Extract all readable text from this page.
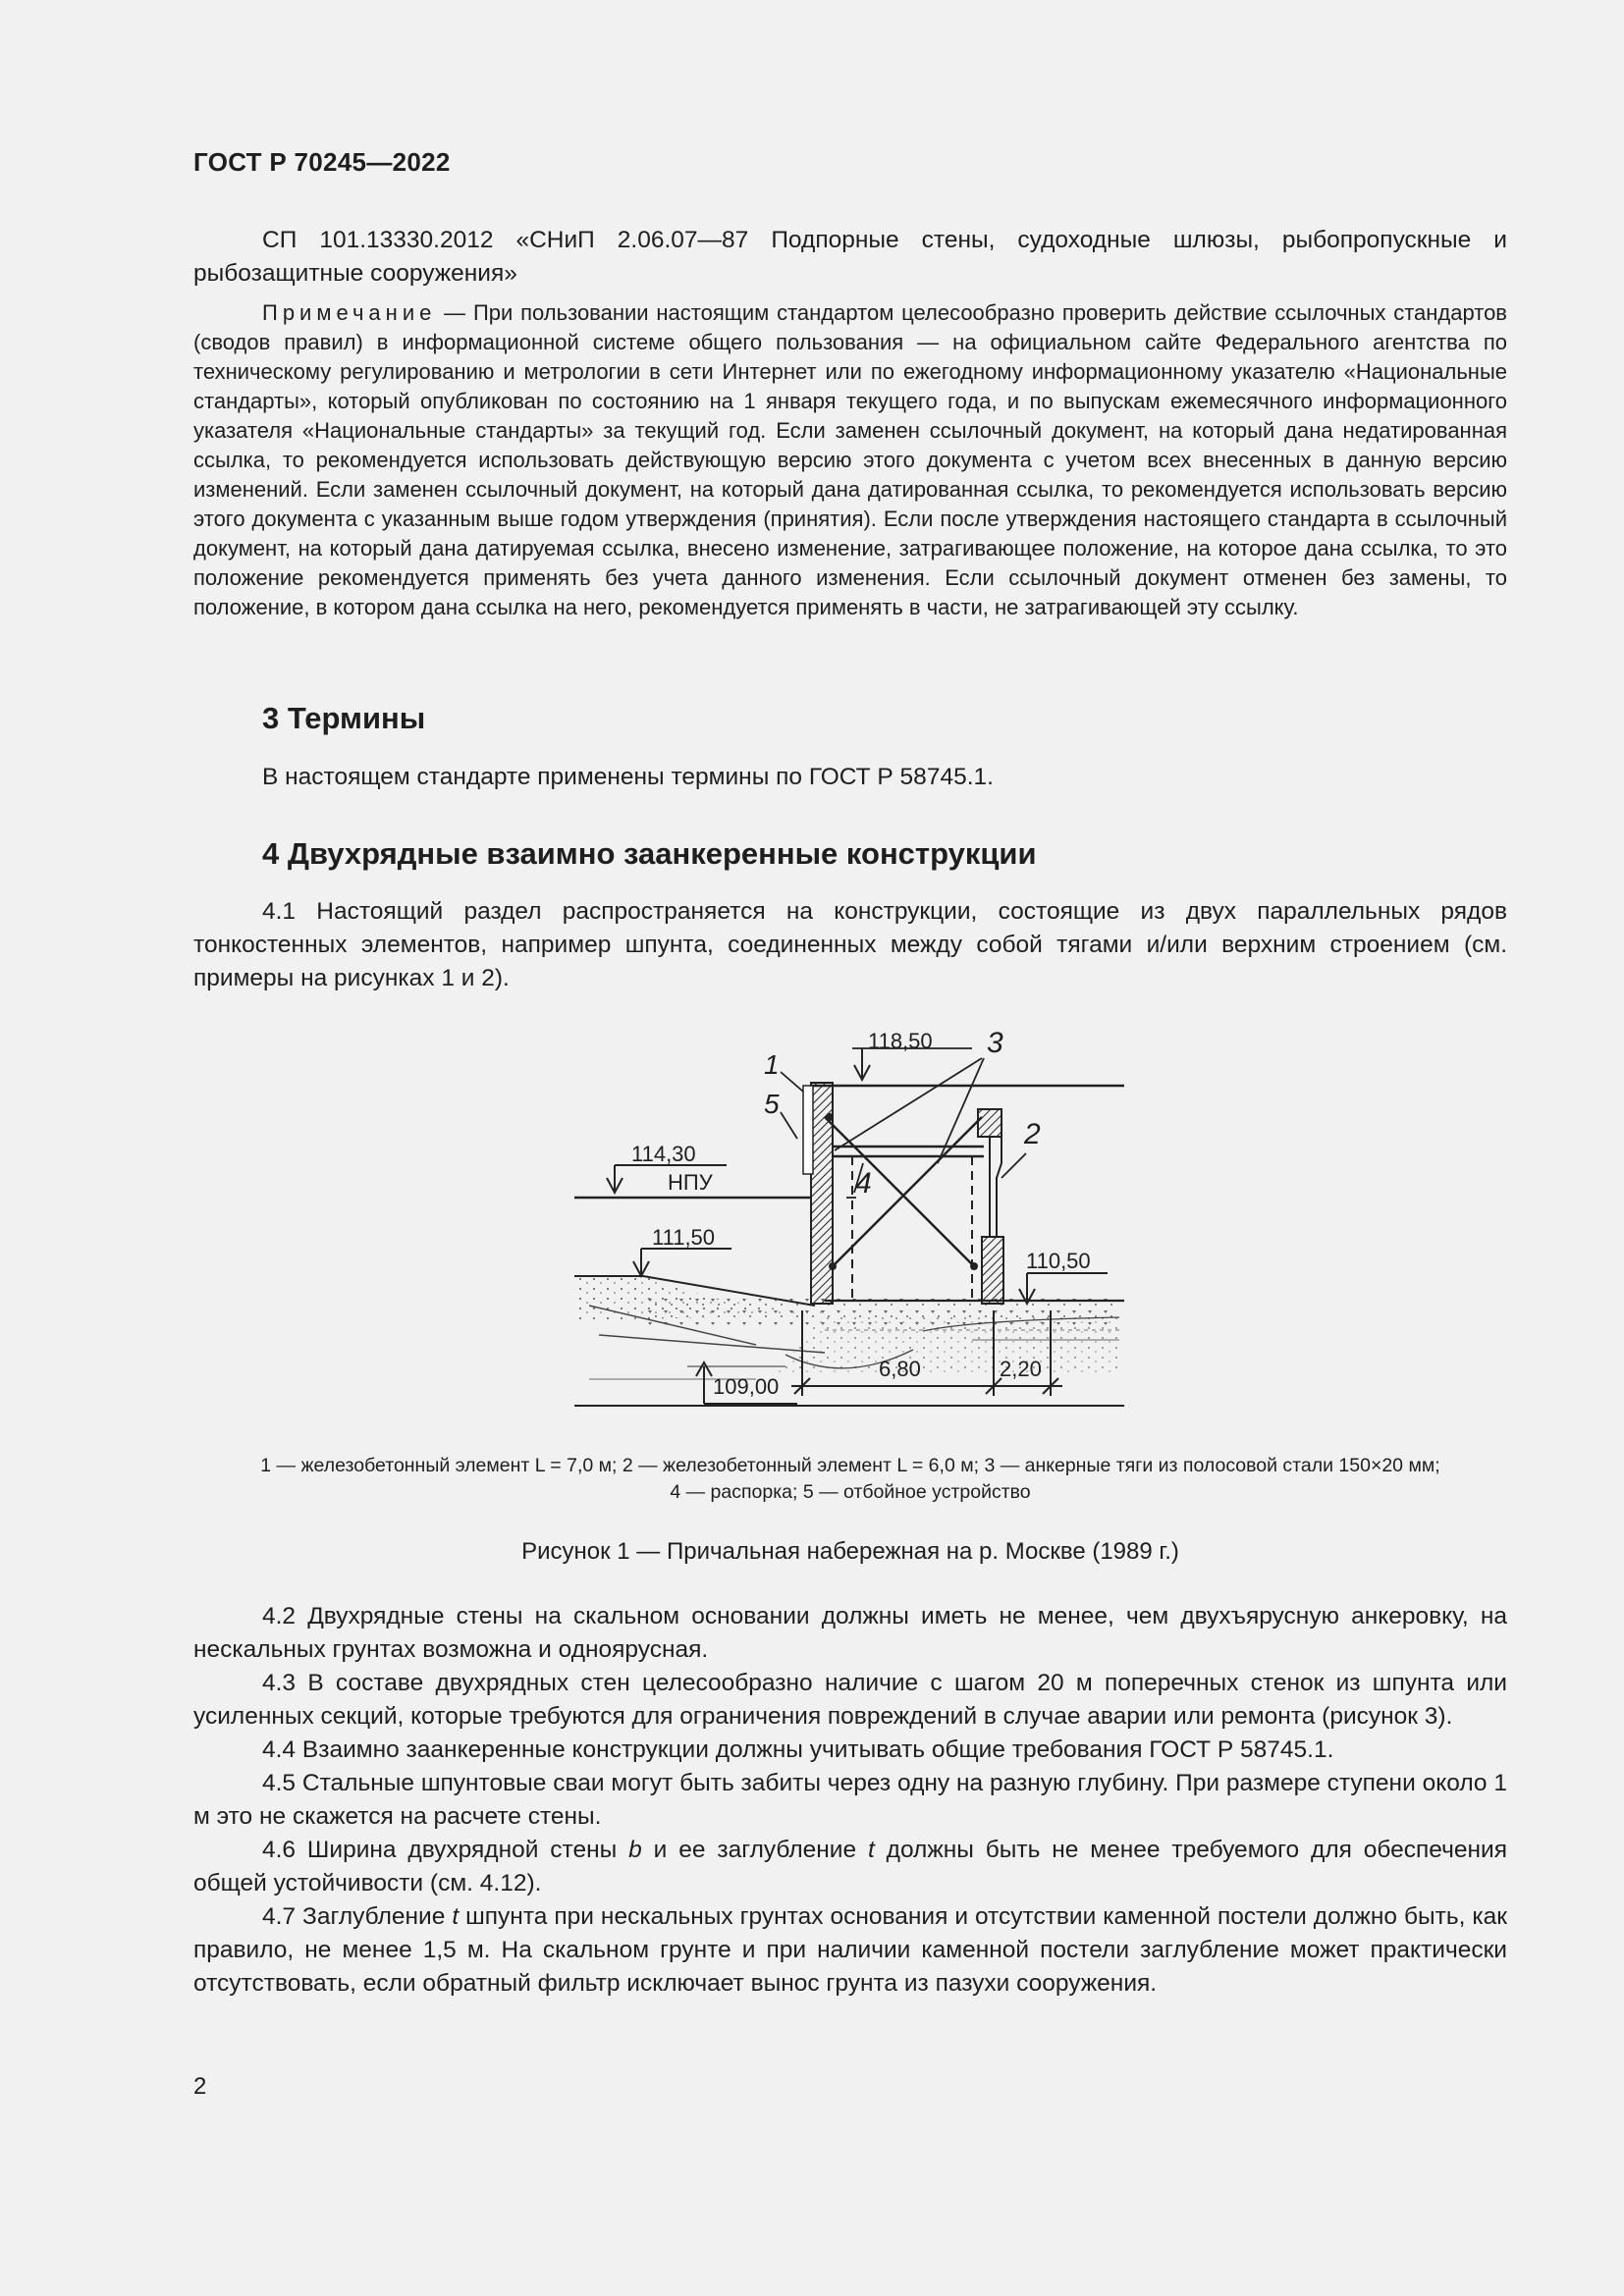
ГОСТ Р 70245—2022

СП 101.13330.2012 «СНиП 2.06.07—87 Подпорные стены, судоходные шлюзы, рыбопропускные и рыбозащитные сооружения»

Примечание — При пользовании настоящим стандартом целесообразно проверить действие ссылочных стандартов (сводов правил) в информационной системе общего пользования — на официальном сайте Федерального агентства по техническому регулированию и метрологии в сети Интернет или по ежегодному информационному указателю «Национальные стандарты», который опубликован по состоянию на 1 января текущего года, и по выпускам ежемесячного информационного указателя «Национальные стандарты» за текущий год. Если заменен ссылочный документ, на который дана недатированная ссылка, то рекомендуется использовать действующую версию этого документа с учетом всех внесенных в данную версию изменений. Если заменен ссылочный документ, на который дана датированная ссылка, то рекомендуется использовать версию этого документа с указанным выше годом утверждения (принятия). Если после утверждения настоящего стандарта в ссылочный документ, на который дана датируемая ссылка, внесено изменение, затрагивающее положение, на которое дана ссылка, то это положение рекомендуется применять без учета данного изменения. Если ссылочный документ отменен без замены, то положение, в котором дана ссылка на него, рекомендуется применять в части, не затрагивающей эту ссылку.

3 Термины

В настоящем стандарте применены термины по ГОСТ Р 58745.1.

4 Двухрядные взаимно заанкеренные конструкции

4.1 Настоящий раздел распространяется на конструкции, состоящие из двух параллельных рядов тонкостенных элементов, например шпунта, соединенных между собой тягами и/или верхним строением (см. примеры на рисунках 1 и 2).

1
5
3
2
4
118,50
114,30
НПУ
111,50
110,50
109,00
6,80	2,20
1 — железобетонный элемент L = 7,0 м; 2 — железобетонный элемент L = 6,0 м; 3 — анкерные тяги из полосовой стали 150×20 мм;
4 — распорка; 5 — отбойное устройство
Рисунок 1 — Причальная набережная на р. Москве (1989 г.)

4.2 Двухрядные стены на скальном основании должны иметь не менее, чем двухъярусную анкеровку, на нескальных грунтах возможна и одноярусная.

4.3 В составе двухрядных стен целесообразно наличие с шагом 20 м поперечных стенок из шпунта или усиленных секций, которые требуются для ограничения повреждений в случае аварии или ремонта (рисунок 3).

4.4 Взаимно заанкеренные конструкции должны учитывать общие требования ГОСТ Р 58745.1.

4.5 Стальные шпунтовые сваи могут быть забиты через одну на разную глубину. При размере ступени около 1 м это не скажется на расчете стены.

4.6 Ширина двухрядной стены b и ее заглубление t должны быть не менее требуемого для обеспечения общей устойчивости (см. 4.12).

4.7 Заглубление t шпунта при нескальных грунтах основания и отсутствии каменной постели должно быть, как правило, не менее 1,5 м. На скальном грунте и при наличии каменной постели заглубление может практически отсутствовать, если обратный фильтр исключает вынос грунта из пазухи сооружения.

2
